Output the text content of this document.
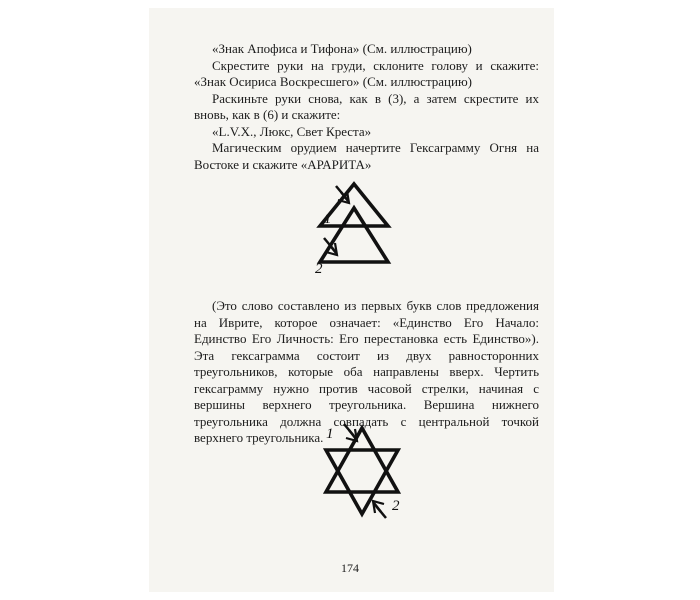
«Знак Апофиса и Тифона» (См. иллюстрацию)

Скрестите руки на груди, склоните голову и скажите: «Знак Осириса Воскресшего» (См. иллюстрацию)

Раскиньте руки снова, как в (3), а затем скрестите их вновь, как в (6) и скажите:

«L.V.X., Люкс, Свет Креста»

Магическим орудием начертите Гексаграмму Огня на Востоке и скажите «АРАРИТА»

1
2

(Это слово составлено из первых букв слов предложения на Иврите, которое означает: «Единство Его Начало: Единство Его Личность: Его перестановка есть Единство»). Эта гексаграмма состоит из двух равносторонних треугольников, которые оба направлены вверх. Чертить гексаграмму нужно против часовой стрелки, начиная с вершины верхнего треугольника. Вершина нижнего треугольника должна совпадать с центральной точкой верхнего треугольника. 1
2
174
